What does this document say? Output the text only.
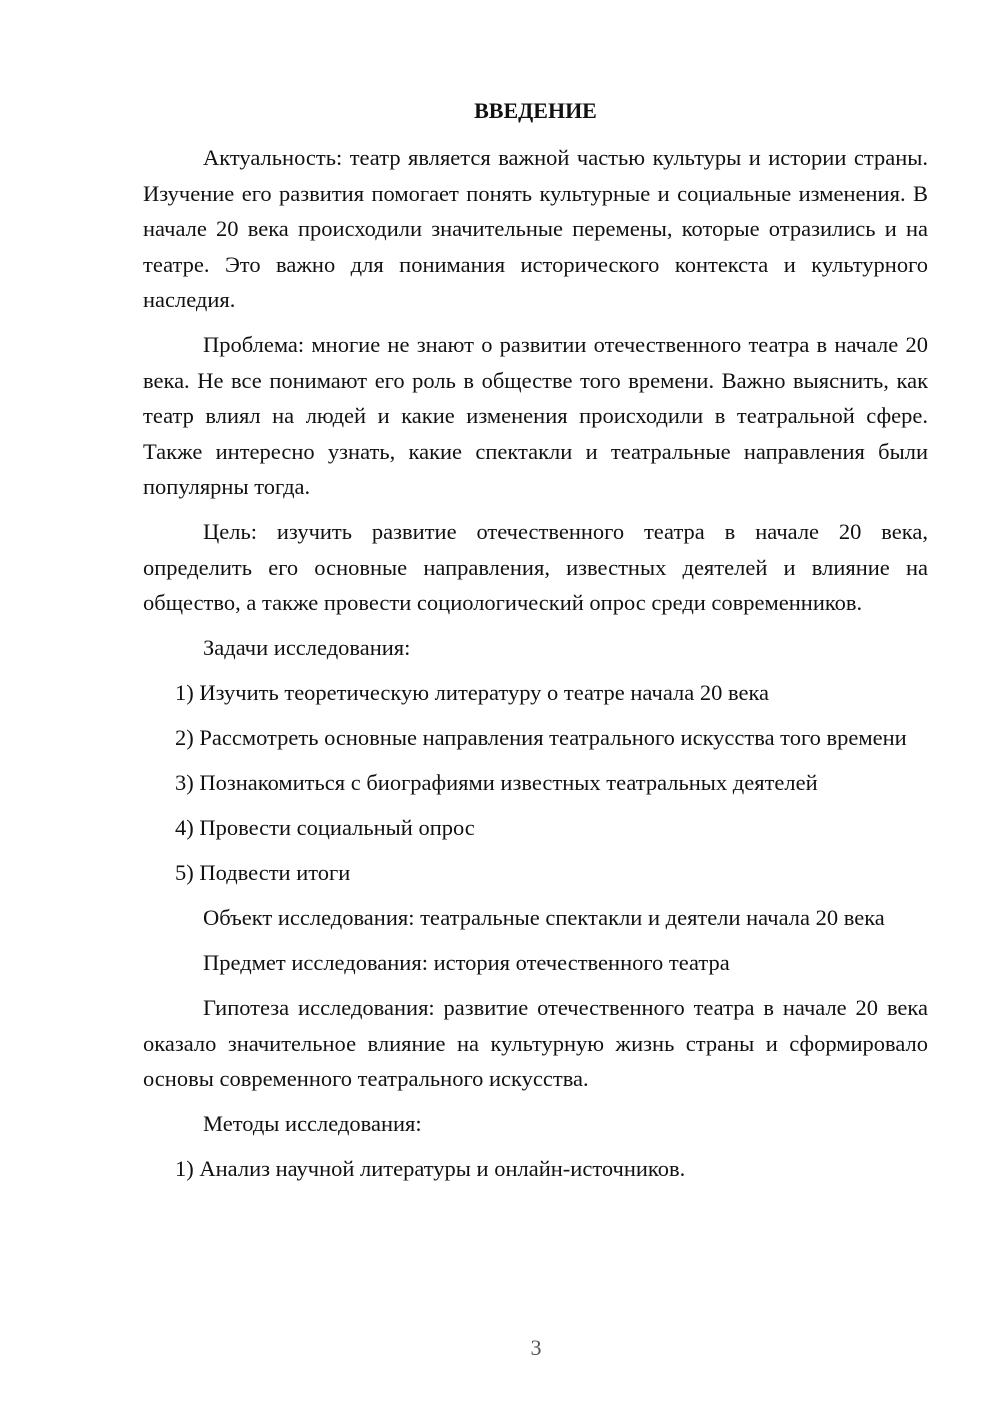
ВВЕДЕНИЕ

Актуальность: театр является важной частью культуры и истории страны. Изучение его развития помогает понять культурные и социальные изменения. В начале 20 века происходили значительные перемены, которые отразились и на театре. Это важно для понимания исторического контекста и культурного наследия.

Проблема: многие не знают о развитии отечественного театра в начале 20 века. Не все понимают его роль в обществе того времени. Важно выяснить, как театр влиял на людей и какие изменения происходили в театральной сфере. Также интересно узнать, какие спектакли и театральные направления были популярны тогда.

Цель: изучить развитие отечественного театра в начале 20 века, определить его основные направления, известных деятелей и влияние на общество, а также провести социологический опрос среди современников.

Задачи исследования:

1) Изучить теоретическую литературу о театре начала 20 века

2) Рассмотреть основные направления театрального искусства того времени

3) Познакомиться с биографиями известных театральных деятелей

4) Провести социальный опрос

5) Подвести итоги

Объект исследования: театральные спектакли и деятели начала 20 века

Предмет исследования: история отечественного театра

Гипотеза исследования: развитие отечественного театра в начале 20 века оказало значительное влияние на культурную жизнь страны и сформировало основы современного театрального искусства.

Методы исследования:

1) Анализ научной литературы и онлайн-источников.

3
